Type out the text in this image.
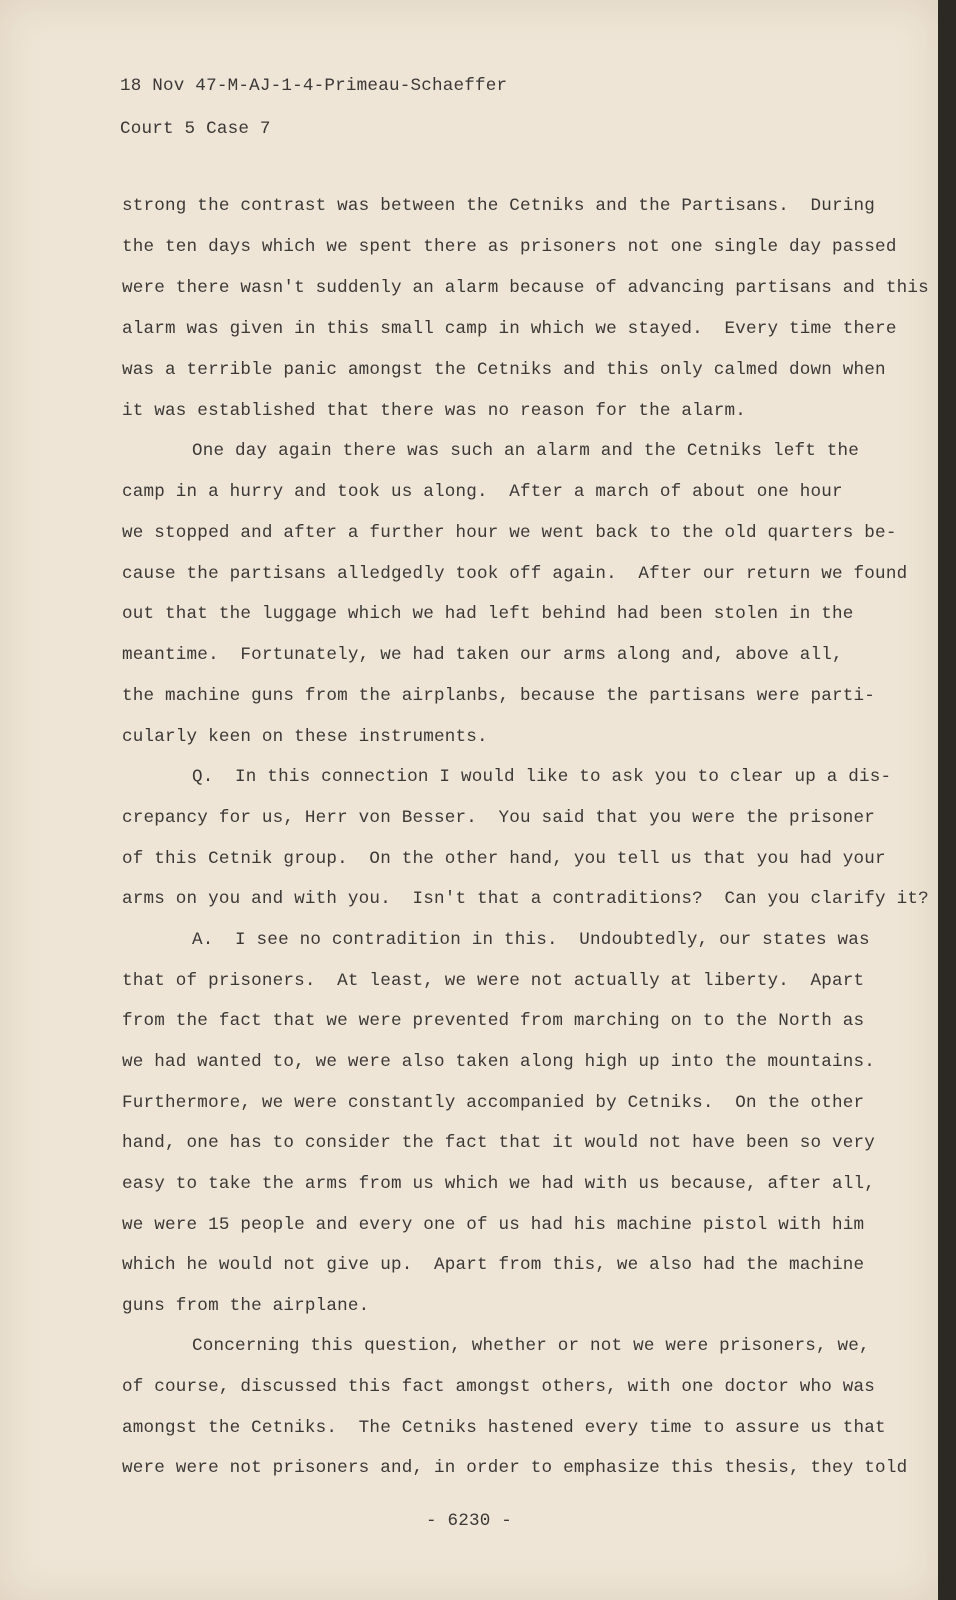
18 Nov 47-M-AJ-1-4-Primeau-Schaeffer
Court 5 Case 7
strong the contrast was between the Cetniks and the Partisans.  During
the ten days which we spent there as prisoners not one single day passed
were there wasn't suddenly an alarm because of advancing partisans and this
alarm was given in this small camp in which we stayed.  Every time there
was a terrible panic amongst the Cetniks and this only calmed down when
it was established that there was no reason for the alarm.
One day again there was such an alarm and the Cetniks left the
camp in a hurry and took us along.  After a march of about one hour
we stopped and after a further hour we went back to the old quarters be-
cause the partisans alledgedly took off again.  After our return we found
out that the luggage which we had left behind had been stolen in the
meantime.  Fortunately, we had taken our arms along and, above all,
the machine guns from the airplanbs, because the partisans were parti-
cularly keen on these instruments.
Q.  In this connection I would like to ask you to clear up a dis-
crepancy for us, Herr von Besser.  You said that you were the prisoner
of this Cetnik group.  On the other hand, you tell us that you had your
arms on you and with you.  Isn't that a contraditions?  Can you clarify it?
A.  I see no contradition in this.  Undoubtedly, our states was
that of prisoners.  At least, we were not actually at liberty.  Apart
from the fact that we were prevented from marching on to the North as
we had wanted to, we were also taken along high up into the mountains.
Furthermore, we were constantly accompanied by Cetniks.  On the other
hand, one has to consider the fact that it would not have been so very
easy to take the arms from us which we had with us because, after all,
we were 15 people and every one of us had his machine pistol with him
which he would not give up.  Apart from this, we also had the machine
guns from the airplane.
Concerning this question, whether or not we were prisoners, we,
of course, discussed this fact amongst others, with one doctor who was
amongst the Cetniks.  The Cetniks hastened every time to assure us that
were were not prisoners and, in order to emphasize this thesis, they told
- 6230 -
